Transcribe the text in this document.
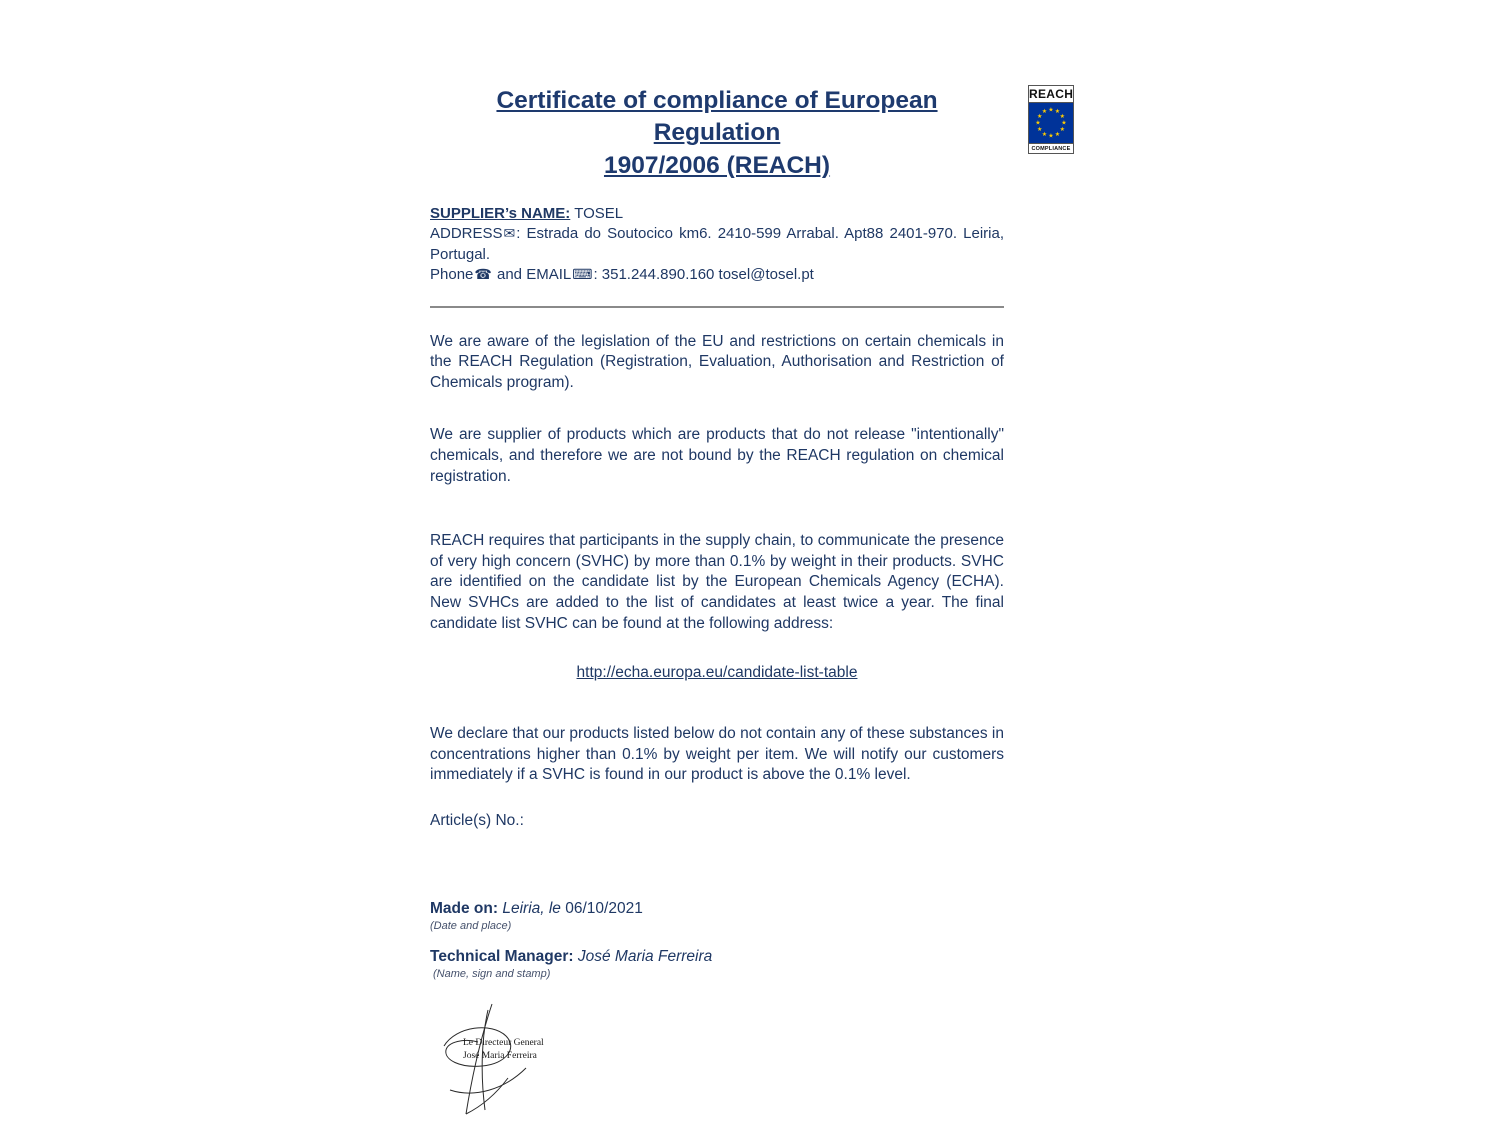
REACH
★ ★
★
★
★
★
★
★
★
★
★
★
COMPLIANCE
Certificate of compliance of European Regulation
1907/2006 (REACH)
SUPPLIER’s NAME: TOSEL
ADDRESS✉: Estrada do Soutocico km6. 2410-599 Arrabal. Apt88 2401-970. Leiria, Portugal.
Phone☎ and EMAIL⌨: 351.244.890.160 tosel@tosel.pt

We are aware of the legislation of the EU and restrictions on certain chemicals in the REACH Regulation (Registration, Evaluation, Authorisation and Restriction of Chemicals program).

We are supplier of products which are products that do not release "intentionally" chemicals, and therefore we are not bound by the REACH regulation on chemical registration.

REACH requires that participants in the supply chain, to communicate the presence of very high concern (SVHC) by more than 0.1% by weight in their products. SVHC are identified on the candidate list by the European Chemicals Agency (ECHA). New SVHCs are added to the list of candidates at least twice a year. The final candidate list SVHC can be found at the following address:

http://echa.europa.eu/candidate-list-table

We declare that our products listed below do not contain any of these substances in concentrations higher than 0.1% by weight per item. We will notify our customers immediately if a SVHC is found in our product is above the 0.1% level.

Article(s) No.:

Made on: Leiria, le 06/10/2021
(Date and place)
Technical Manager: José Maria Ferreira
(Name, sign and stamp)
Le Directeur General
José Maria Ferreira
